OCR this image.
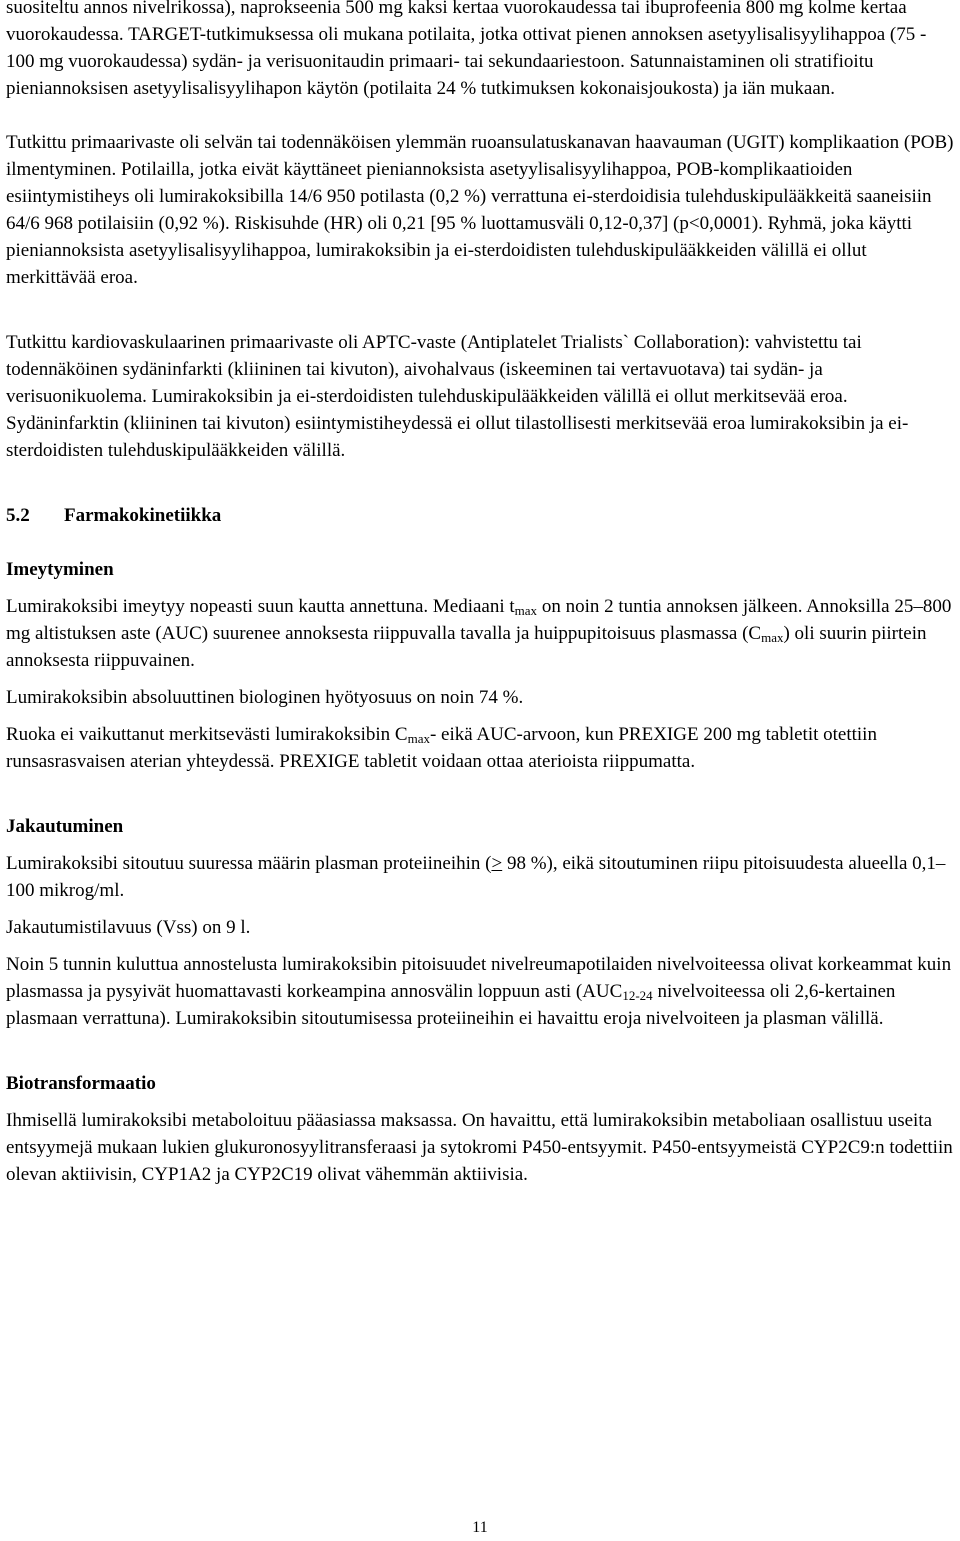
suositeltu annos nivelrikossa), naprokseenia 500 mg kaksi kertaa vuorokaudessa tai ibuprofeenia 800 mg kolme kertaa vuorokaudessa. TARGET-tutkimuksessa oli mukana potilaita, jotka ottivat pienen annoksen asetyylisalisyylihappoa (75 - 100 mg vuorokaudessa) sydän- ja verisuonitaudin primaari- tai sekundaariestoon. Satunnaistaminen oli stratifioitu pieniannoksisen asetyylisalisyylihapon käytön (potilaita 24 % tutkimuksen kokonaisjoukosta) ja iän mukaan.

Tutkittu primaarivaste oli selvän tai todennäköisen ylemmän ruoansulatuskanavan haavauman (UGIT) komplikaation (POB) ilmentyminen. Potilailla, jotka eivät käyttäneet pieniannoksista asetyylisalisyylihappoa, POB-komplikaatioiden esiintymistiheys oli lumirakoksibilla 14/6 950 potilasta (0,2 %) verrattuna ei-sterdoidisia tulehduskipulääkkeitä saaneisiin 64/6 968 potilaisiin (0,92 %). Riskisuhde (HR) oli 0,21 [95 % luottamusväli 0,12-0,37] (p<0,0001). Ryhmä, joka käytti pieniannoksista asetyylisalisyylihappoa, lumirakoksibin ja ei-sterdoidisten tulehduskipulääkkeiden välillä ei ollut merkittävää eroa.

Tutkittu kardiovaskulaarinen primaarivaste oli APTC-vaste (Antiplatelet Trialists` Collaboration): vahvistettu tai todennäköinen sydäninfarkti (kliininen tai kivuton), aivohalvaus (iskeeminen tai vertavuotava) tai sydän- ja verisuonikuolema. Lumirakoksibin ja ei-sterdoidisten tulehduskipulääkkeiden välillä ei ollut merkitsevää eroa. Sydäninfarktin (kliininen tai kivuton) esiintymistiheydessä ei ollut tilastollisesti merkitsevää eroa lumirakoksibin ja ei-sterdoidisten tulehduskipulääkkeiden välillä.

5.2 Farmakokinetiikka
Imeytyminen

Lumirakoksibi imeytyy nopeasti suun kautta annettuna. Mediaani $t_{max}$ on noin 2 tuntia annoksen jälkeen. Annoksilla 25–800 mg altistuksen aste (AUC) suurenee annoksesta riippuvalla tavalla ja huippupitoisuus plasmassa $(C_{max})$ oli suurin piirtein annoksesta riippuvainen.

Lumirakoksibin absoluuttinen biologinen hyötyosuus on noin 74 %.

Ruoka ei vaikuttanut merkitsevästi lumirakoksibin $C_{max}-$ eikä AUC-arvoon, kun PREXIGE 200 mg tabletit otettiin runsasrasvaisen aterian yhteydessä. PREXIGE tabletit voidaan ottaa aterioista riippumatta.

Jakautuminen

Lumirakoksibi sitoutuu suuressa määrin plasman proteiineihin (> 98 %), eikä sitoutuminen riipu pitoisuudesta alueella 0,1–100 mikrog/ml.

Jakautumistilavuus (Vss) on 9 l.

Noin 5 tunnin kuluttua annostelusta lumirakoksibin pitoisuudet nivelreumapotilaiden nivelvoiteessa olivat korkeammat kuin plasmassa ja pysyivät huomattavasti korkeampina annosvälin loppuun asti ($AUC_{12-24}$ nivelvoiteessa oli 2,6-kertainen plasmaan verrattuna). Lumirakoksibin sitoutumisessa proteiineihin ei havaittu eroja nivelvoiteen ja plasman välillä.

Biotransformaatio

Ihmisellä lumirakoksibi metaboloituu pääasiassa maksassa. On havaittu, että lumirakoksibin metaboliaan osallistuu useita entsyymejä mukaan lukien glukuronosyylitransferaasi ja sytokromi P450-entsyymit. P450-entsyymeistä CYP2C9:n todettiin olevan aktiivisin, CYP1A2 ja CYP2C19 olivat vähemmän aktiivisia.

11
